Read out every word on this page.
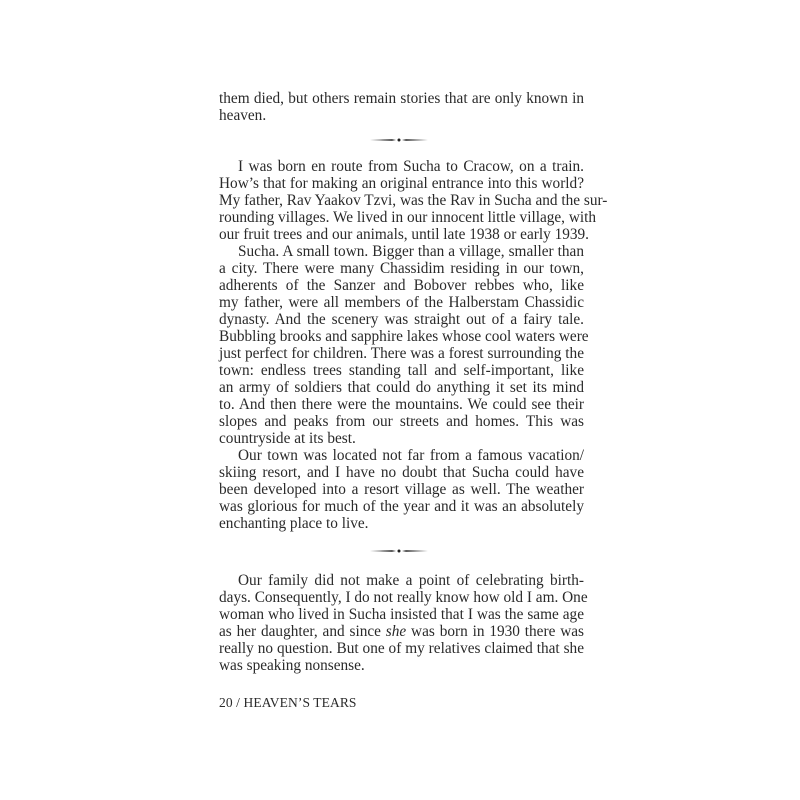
them died, but others remain stories that are only known in
heaven.
I was born en route from Sucha to Cracow, on a train.
How’s that for making an original entrance into this world?
My father, Rav Yaakov Tzvi, was the Rav in Sucha and the sur-
rounding villages. We lived in our innocent little village, with
our fruit trees and our animals, until late 1938 or early 1939.
Sucha. A small town. Bigger than a village, smaller than
a city. There were many Chassidim residing in our town,
adherents of the Sanzer and Bobover rebbes who, like
my father, were all members of the Halberstam Chassidic
dynasty. And the scenery was straight out of a fairy tale.
Bubbling brooks and sapphire lakes whose cool waters were
just perfect for children. There was a forest surrounding the
town: endless trees standing tall and self-important, like
an army of soldiers that could do anything it set its mind
to. And then there were the mountains. We could see their
slopes and peaks from our streets and homes. This was
countryside at its best.
Our town was located not far from a famous vacation/
skiing resort, and I have no doubt that Sucha could have
been developed into a resort village as well. The weather
was glorious for much of the year and it was an absolutely
enchanting place to live.
Our family did not make a point of celebrating birth-
days. Consequently, I do not really know how old I am. One
woman who lived in Sucha insisted that I was the same age
as her daughter, and since she was born in 1930 there was
really no question. But one of my relatives claimed that she
was speaking nonsense.
20 / HEAVEN’S TEARS
